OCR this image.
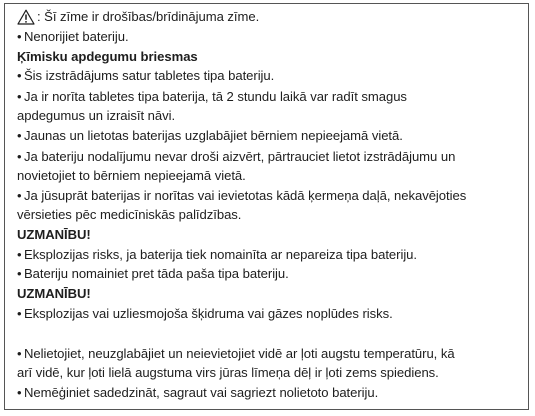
: Šī zīme ir drošības/brīdinājuma zīme.

• Nenorijiet bateriju.

Ķīmisku apdegumu briesmas

• Šis izstrādājums satur tabletes tipa bateriju.

• Ja ir norīta tabletes tipa baterija, tā 2 stundu laikā var radīt smagus

apdegumus un izraisīt nāvi.

• Jaunas un lietotas baterijas uzglabājiet bērniem nepieejamā vietā.

• Ja bateriju nodalījumu nevar droši aizvērt, pārtrauciet lietot izstrādājumu un

novietojiet to bērniem nepieejamā vietā.

• Ja jūsuprāt baterijas ir norītas vai ievietotas kādā ķermeņa daļā, nekavējoties

vērsieties pēc medicīniskās palīdzības.

UZMANĪBU!

• Eksplozijas risks, ja baterija tiek nomainīta ar nepareiza tipa bateriju.

• Bateriju nomainiet pret tāda paša tipa bateriju.

UZMANĪBU!

• Eksplozijas vai uzliesmojoša šķidruma vai gāzes noplūdes risks.

• Nelietojiet, neuzglabājiet un neievietojiet vidē ar ļoti augstu temperatūru, kā

arī vidē, kur ļoti lielā augstuma virs jūras līmeņa dēļ ir ļoti zems spiediens.

• Nemēģiniet sadedzināt, sagraut vai sagriezt nolietoto bateriju.
